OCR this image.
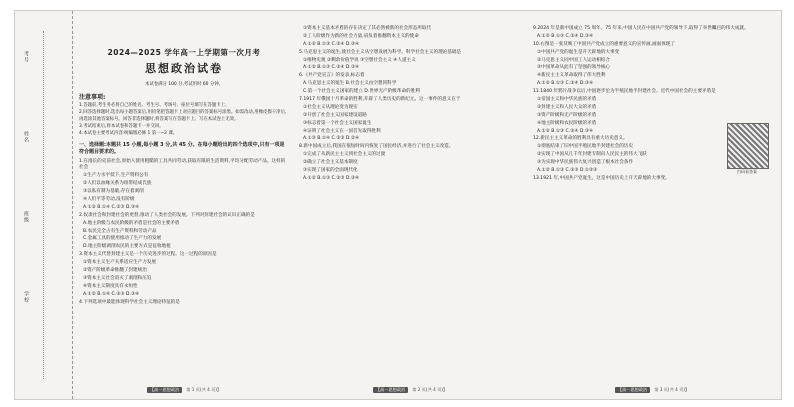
考号
姓名
班级
学校
2024—2025 学年高一上学期第一次月考
思想政治试卷
本试卷满分 100 分,考试用时 60 分钟。
注意事项:
1.答题前,考生务必将自己的姓名、考生号、考场号、座位号填写在答题卡上。
2.回答选择题时,选出每小题答案后,用铅笔把答题卡上对应题目的答案标号涂黑。如需改动,用橡皮擦干净后,再选涂其他答案标号。回答非选择题时,将答案写在答题卡上。写在本试卷上无效。
3.考试结束后,将本试卷和答题卡一并交回。
4.本试卷主要考试内容:统编版必修 1 第一~2 课。
一、选择题:本题共 15 小题,每小题 3 分,共 45 分。在每小题给出的四个选项中,只有一项是符合题目要求的。
1.在漫长的史前社会,原始人使用粗糙的工具共同劳动,获取有限的生活资料,平均分配劳动产品。这样的社会
①生产力水平低下,生产资料公有
②人们以血缘关系为纽带结成氏族
③以私有制为基础,存在着剥削
④人们平等劳动,没有阶级
A.①② B.①④ C.②③ D.③④
2.奴隶社会和封建社会的更替,推动了人类社会的发展。下列对封建社会的认识正确的是
A.地主阶级与农民阶级的矛盾是社会的主要矛盾
B.农民完全占有生产资料和劳动产品
C.金属工具的使用推动了生产力的发展
D.地主阶级剥削农民的主要方式是征收地租
3.资本主义代替封建主义是一个历史进步的过程。这一过程的原因是
①资本主义生产关系适应生产力发展
②资产阶级革命推翻了封建统治
③资本主义社会消灭了剥削和压迫
④资本主义制度具有永恒性
A.①② B.①④ C.②③ D.③④
4.下列选项中最能体现科学社会主义理论特征的是
①资本主义基本矛盾的存在决定了其必然被新的社会形态所取代
②工人阶级作为新的社会力量,肩负着推翻资本主义的使命
A.①② B.①③ C.②④ D.③④
5.马克思主义的诞生,使社会主义从空想发展为科学。科学社会主义的理论基础是
①唯物史观 ②剩余价值学说 ③空想社会主义 ④人道主义
A.①② B.①③ C.②④ D.③④
6.《共产党宣言》的发表,标志着
A.马克思主义的诞生 B.社会主义由空想到科学
C.第一个社会主义国家的建立 D.世界无产阶级革命的胜利
7.1917 年俄国十月革命的胜利,开辟了人类历史的新纪元。这一事件的意义在于
①社会主义从理论变为现实
②开创了社会主义国家建设道路
③标志着第一个社会主义国家诞生
④证明了社会主义在一国首先取得胜利
A.①③ B.①④ C.②③ D.②④
8.新中国成立后,我国在很短时间内恢复了国民经济,并进行了社会主义改造。
①完成了从新民主主义到社会主义的过渡
②确立了社会主义基本制度
③实现了国家的全面现代化
A.①② B.①③ C.②③ D.③④
9.2024 年是新中国成立 75 周年。75 年来,中国人民在中国共产党的领导下,取得了举世瞩目的伟大成就。
A.①② B.①③ C.②④ D.③④
10.右图是一张反映了中国共产党成立的重要意义的宣传画,画面体现了
①中国共产党的诞生是开天辟地的大事变
②马克思主义同中国工人运动相结合
③中国革命从此有了坚强的领导核心
④新民主主义革命取得了伟大胜利
A.①② B.①③ C.②④ D.③④
11.1840 年鸦片战争以后,中国逐步沦为半殖民地半封建社会。近代中国社会的主要矛盾是
①帝国主义和中华民族的矛盾
②封建主义和人民大众的矛盾
③资产阶级和无产阶级的矛盾
④地主阶级和农民阶级的矛盾
A.①② B.①③ C.②④ D.③④
12.新民主主义革命的胜利具有重大历史意义。
①彻底结束了旧中国半殖民地半封建社会的历史
②实现了中国从几千年封建专制向人民民主的伟大飞跃
③为实现中华民族伟大复兴创造了根本社会条件
A.①② B.①③ C.②③ D.①②③
13.1921 年,中国共产党诞生。这是中国历史上开天辟地的大事变。
扫码看答案
【高一思想政治	第 1 页(共 4 页)】	【高一思想政治	第 2 页(共 4 页)】	【高一思想政治	第 3 页(共 4 页)】
